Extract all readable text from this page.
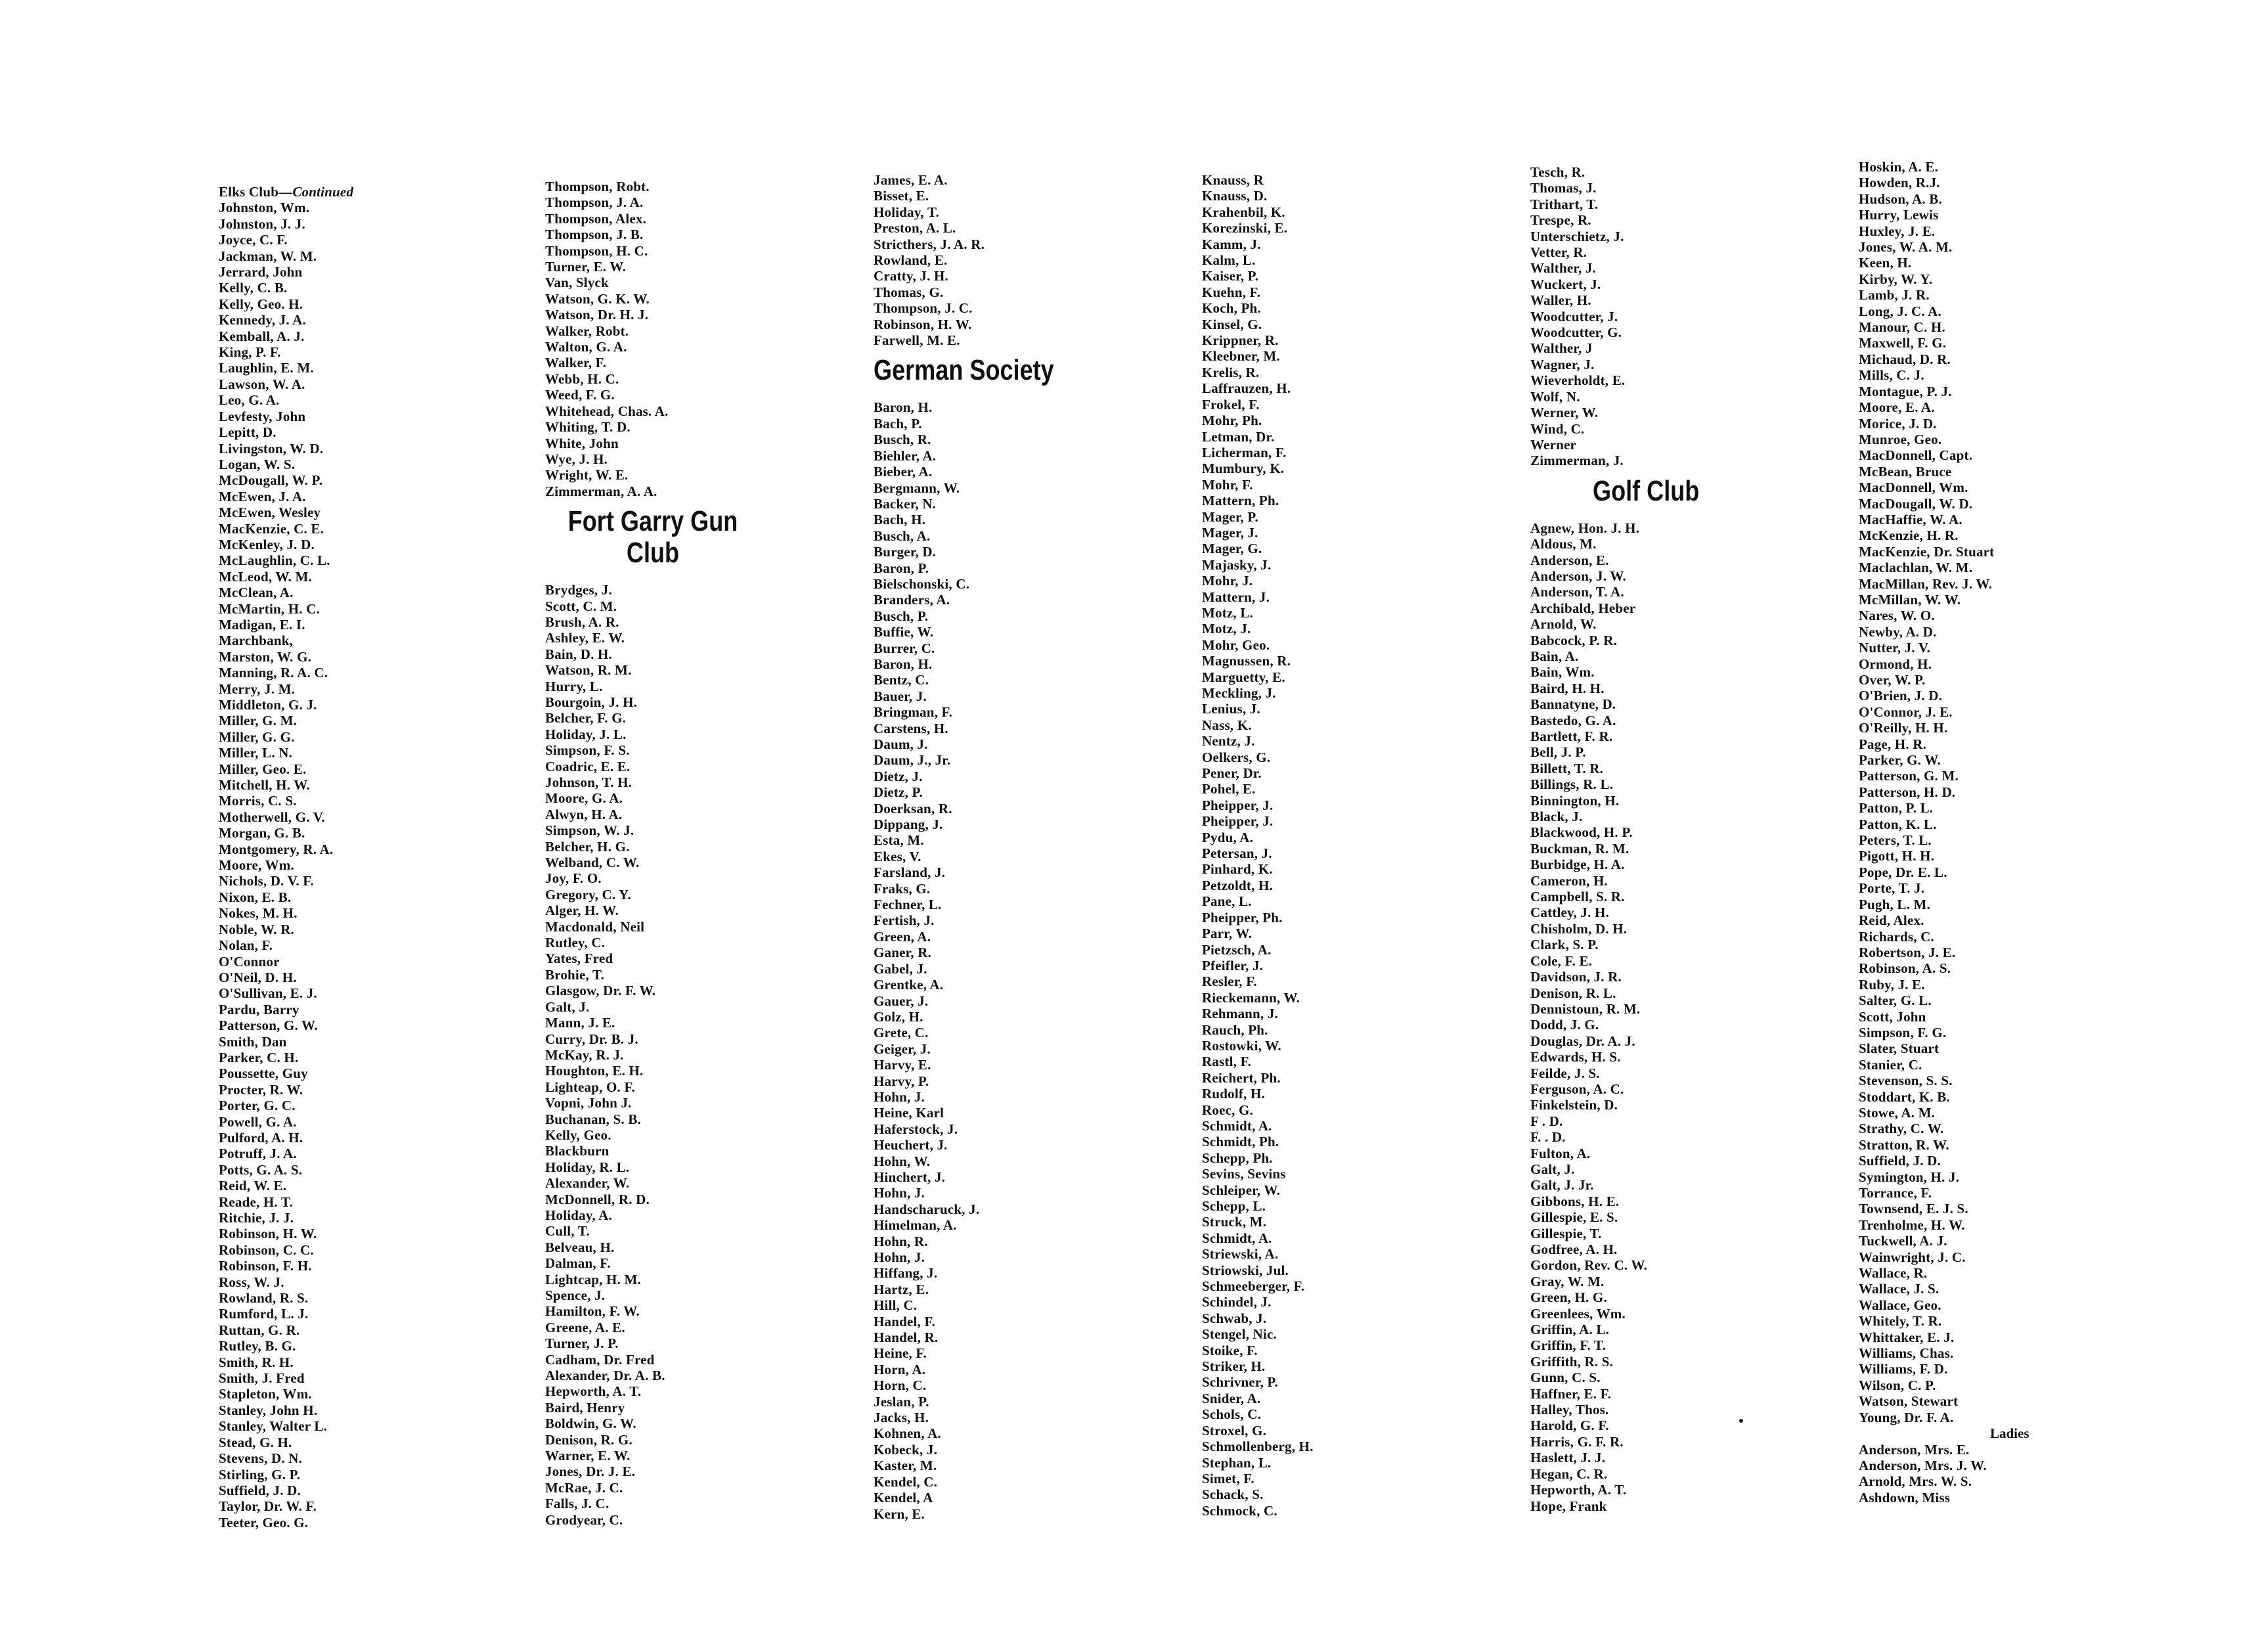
Elks Club—Continued
Johnston, Wm.
Johnston, J. J.
Joyce, C. F.
Jackman, W. M.
Jerrard, John
Kelly, C. B.
Kelly, Geo. H.
Kennedy, J. A.
Kemball, A. J.
King, P. F.
Laughlin, E. M.
Lawson, W. A.
Leo, G. A.
Levfesty, John
Lepitt, D.
Livingston, W. D.
Logan, W. S.
McDougall, W. P.
McEwen, J. A.
McEwen, Wesley
MacKenzie, C. E.
McKenley, J. D.
McLaughlin, C. L.
McLeod, W. M.
McClean, A.
McMartin, H. C.
Madigan, E. I.
Marchbank,
Marston, W. G.
Manning, R. A. C.
Merry, J. M.
Middleton, G. J.
Miller, G. M.
Miller, G. G.
Miller, L. N.
Miller, Geo. E.
Mitchell, H. W.
Morris, C. S.
Motherwell, G. V.
Morgan, G. B.
Montgomery, R. A.
Moore, Wm.
Nichols, D. V. F.
Nixon, E. B.
Nokes, M. H.
Noble, W. R.
Nolan, F.
O'Connor
O'Neil, D. H.
O'Sullivan, E. J.
Pardu, Barry
Patterson, G. W.
Smith, Dan
Parker, C. H.
Poussette, Guy
Procter, R. W.
Porter, G. C.
Powell, G. A.
Pulford, A. H.
Potruff, J. A.
Potts, G. A. S.
Reid, W. E.
Reade, H. T.
Ritchie, J. J.
Robinson, H. W.
Robinson, C. C.
Robinson, F. H.
Ross, W. J.
Rowland, R. S.
Rumford, L. J.
Ruttan, G. R.
Rutley, B. G.
Smith, R. H.
Smith, J. Fred
Stapleton, Wm.
Stanley, John H.
Stanley, Walter L.
Stead, G. H.
Stevens, D. N.
Stirling, G. P.
Suffield, J. D.
Taylor, Dr. W. F.
Teeter, Geo. G.
Thompson, Robt.
Thompson, J. A.
Thompson, Alex.
Thompson, J. B.
Thompson, H. C.
Turner, E. W.
Van, Slyck
Watson, G. K. W.
Watson, Dr. H. J.
Walker, Robt.
Walton, G. A.
Walker, F.
Webb, H. C.
Weed, F. G.
Whitehead, Chas. A.
Whiting, T. D.
White, John
Wye, J. H.
Wright, W. E.
Zimmerman, A. A.
Fort Garry Gun
Club
Brydges, J.
Scott, C. M.
Brush, A. R.
Ashley, E. W.
Bain, D. H.
Watson, R. M.
Hurry, L.
Bourgoin, J. H.
Belcher, F. G.
Holiday, J. L.
Simpson, F. S.
Coadric, E. E.
Johnson, T. H.
Moore, G. A.
Alwyn, H. A.
Simpson, W. J.
Belcher, H. G.
Welband, C. W.
Joy, F. O.
Gregory, C. Y.
Alger, H. W.
Macdonald, Neil
Rutley, C.
Yates, Fred
Brohie, T.
Glasgow, Dr. F. W.
Galt, J.
Mann, J. E.
Curry, Dr. B. J.
McKay, R. J.
Houghton, E. H.
Lighteap, O. F.
Vopni, John J.
Buchanan, S. B.
Kelly, Geo.
Blackburn
Holiday, R. L.
Alexander, W.
McDonnell, R. D.
Holiday, A.
Cull, T.
Belveau, H.
Dalman, F.
Lightcap, H. M.
Spence, J.
Hamilton, F. W.
Greene, A. E.
Turner, J. P.
Cadham, Dr. Fred
Alexander, Dr. A. B.
Hepworth, A. T.
Baird, Henry
Boldwin, G. W.
Denison, R. G.
Warner, E. W.
Jones, Dr. J. E.
McRae, J. C.
Falls, J. C.
Grodyear, C.
James, E. A.
Bisset, E.
Holiday, T.
Preston, A. L.
Stricthers, J. A. R.
Rowland, E.
Cratty, J. H.
Thomas, G.
Thompson, J. C.
Robinson, H. W.
Farwell, M. E.
German Society
Baron, H.
Bach, P.
Busch, R.
Biehler, A.
Bieber, A.
Bergmann, W.
Backer, N.
Bach, H.
Busch, A.
Burger, D.
Baron, P.
Bielschonski, C.
Branders, A.
Busch, P.
Buffie, W.
Burrer, C.
Baron, H.
Bentz, C.
Bauer, J.
Bringman, F.
Carstens, H.
Daum, J.
Daum, J., Jr.
Dietz, J.
Dietz, P.
Doerksan, R.
Dippang, J.
Esta, M.
Ekes, V.
Farsland, J.
Fraks, G.
Fechner, L.
Fertish, J.
Green, A.
Ganer, R.
Gabel, J.
Grentke, A.
Gauer, J.
Golz, H.
Grete, C.
Geiger, J.
Harvy, E.
Harvy, P.
Hohn, J.
Heine, Karl
Haferstock, J.
Heuchert, J.
Hohn, W.
Hinchert, J.
Hohn, J.
Handscharuck, J.
Himelman, A.
Hohn, R.
Hohn, J.
Hiffang, J.
Hartz, E.
Hill, C.
Handel, F.
Handel, R.
Heine, F.
Horn, A.
Horn, C.
Jeslan, P.
Jacks, H.
Kohnen, A.
Kobeck, J.
Kaster, M.
Kendel, C.
Kendel, A
Kern, E.
Knauss, R
Knauss, D.
Krahenbil, K.
Korezinski, E.
Kamm, J.
Kalm, L.
Kaiser, P.
Kuehn, F.
Koch, Ph.
Kinsel, G.
Krippner, R.
Kleebner, M.
Krelis, R.
Laffrauzen, H.
Frokel, F.
Mohr, Ph.
Letman, Dr.
Licherman, F.
Mumbury, K.
Mohr, F.
Mattern, Ph.
Mager, P.
Mager, J.
Mager, G.
Majasky, J.
Mohr, J.
Mattern, J.
Motz, L.
Motz, J.
Mohr, Geo.
Magnussen, R.
Marguetty, E.
Meckling, J.
Lenius, J.
Nass, K.
Nentz, J.
Oelkers, G.
Pener, Dr.
Pohel, E.
Pheipper, J.
Pheipper, J.
Pydu, A.
Petersan, J.
Pinhard, K.
Petzoldt, H.
Pane, L.
Pheipper, Ph.
Parr, W.
Pietzsch, A.
Pfeifler, J.
Resler, F.
Rieckemann, W.
Rehmann, J.
Rauch, Ph.
Rostowki, W.
Rastl, F.
Reichert, Ph.
Rudolf, H.
Roec, G.
Schmidt, A.
Schmidt, Ph.
Schepp, Ph.
Sevins, Sevins
Schleiper, W.
Schepp, L.
Struck, M.
Schmidt, A.
Striewski, A.
Striowski, Jul.
Schmeeberger, F.
Schindel, J.
Schwab, J.
Stengel, Nic.
Stoike, F.
Striker, H.
Schrivner, P.
Snider, A.
Schols, C.
Stroxel, G.
Schmollenberg, H.
Stephan, L.
Simet, F.
Schack, S.
Schmock, C.
Tesch, R.
Thomas, J.
Trithart, T.
Trespe, R.
Unterschietz, J.
Vetter, R.
Walther, J.
Wuckert, J.
Waller, H.
Woodcutter, J.
Woodcutter, G.
Walther, J
Wagner, J.
Wieverholdt, E.
Wolf, N.
Werner, W.
Wind, C.
Werner
Zimmerman, J.
Golf Club
Agnew, Hon. J. H.
Aldous, M.
Anderson, E.
Anderson, J. W.
Anderson, T. A.
Archibald, Heber
Arnold, W.
Babcock, P. R.
Bain, A.
Bain, Wm.
Baird, H. H.
Bannatyne, D.
Bastedo, G. A.
Bartlett, F. R.
Bell, J. P.
Billett, T. R.
Billings, R. L.
Binnington, H.
Black, J.
Blackwood, H. P.
Buckman, R. M.
Burbidge, H. A.
Cameron, H.
Campbell, S. R.
Cattley, J. H.
Chisholm, D. H.
Clark, S. P.
Cole, F. E.
Davidson, J. R.
Denison, R. L.
Dennistoun, R. M.
Dodd, J. G.
Douglas, Dr. A. J.
Edwards, H. S.
Feilde, J. S.
Ferguson, A. C.
Finkelstein, D.
F . D.
F. . D.
Fulton, A.
Galt, J.
Galt, J. Jr.
Gibbons, H. E.
Gillespie, E. S.
Gillespie, T.
Godfree, A. H.
Gordon, Rev. C. W.
Gray, W. M.
Green, H. G.
Greenlees, Wm.
Griffin, A. L.
Griffin, F. T.
Griffith, R. S.
Gunn, C. S.
Haffner, E. F.
Halley, Thos.
Harold, G. F.
Harris, G. F. R.
Haslett, J. J.
Hegan, C. R.
Hepworth, A. T.
Hope, Frank
Hoskin, A. E.
Howden, R.J.
Hudson, A. B.
Hurry, Lewis
Huxley, J. E.
Jones, W. A. M.
Keen, H.
Kirby, W. Y.
Lamb, J. R.
Long, J. C. A.
Manour, C. H.
Maxwell, F. G.
Michaud, D. R.
Mills, C. J.
Montague, P. J.
Moore, E. A.
Morice, J. D.
Munroe, Geo.
MacDonnell, Capt.
McBean, Bruce
MacDonnell, Wm.
MacDougall, W. D.
MacHaffie, W. A.
McKenzie, H. R.
MacKenzie, Dr. Stuart
Maclachlan, W. M.
MacMillan, Rev. J. W.
McMillan, W. W.
Nares, W. O.
Newby, A. D.
Nutter, J. V.
Ormond, H.
Over, W. P.
O'Brien, J. D.
O'Connor, J. E.
O'Reilly, H. H.
Page, H. R.
Parker, G. W.
Patterson, G. M.
Patterson, H. D.
Patton, P. L.
Patton, K. L.
Peters, T. L.
Pigott, H. H.
Pope, Dr. E. L.
Porte, T. J.
Pugh, L. M.
Reid, Alex.
Richards, C.
Robertson, J. E.
Robinson, A. S.
Ruby, J. E.
Salter, G. L.
Scott, John
Simpson, F. G.
Slater, Stuart
Stanier, C.
Stevenson, S. S.
Stoddart, K. B.
Stowe, A. M.
Strathy, C. W.
Stratton, R. W.
Suffield, J. D.
Symington, H. J.
Torrance, F.
Townsend, E. J. S.
Trenholme, H. W.
Tuckwell, A. J.
Wainwright, J. C.
Wallace, R.
Wallace, J. S.
Wallace, Geo.
Whitely, T. R.
Whittaker, E. J.
Williams, Chas.
Williams, F. D.
Wilson, C. P.
Watson, Stewart
Young, Dr. F. A.
Ladies
Anderson, Mrs. E.
Anderson, Mrs. J. W.
Arnold, Mrs. W. S.
Ashdown, Miss
